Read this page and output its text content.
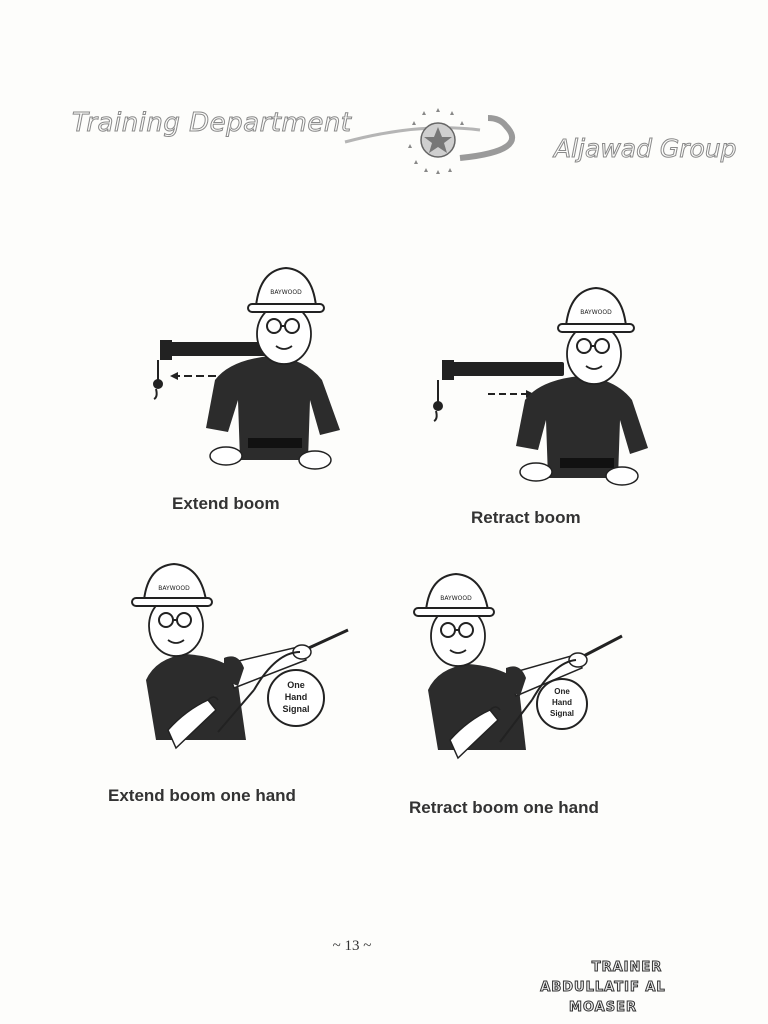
Training Department
Aljawad Group
BAYWOOD
Extend boom
BAYWOOD
Retract boom
One
Hand
Signal
BAYWOOD
Extend boom one hand
One
Hand
Signal
BAYWOOD
Retract boom one hand
~ 13 ~
TRAINER
ABDULLATIF AL MOASER
